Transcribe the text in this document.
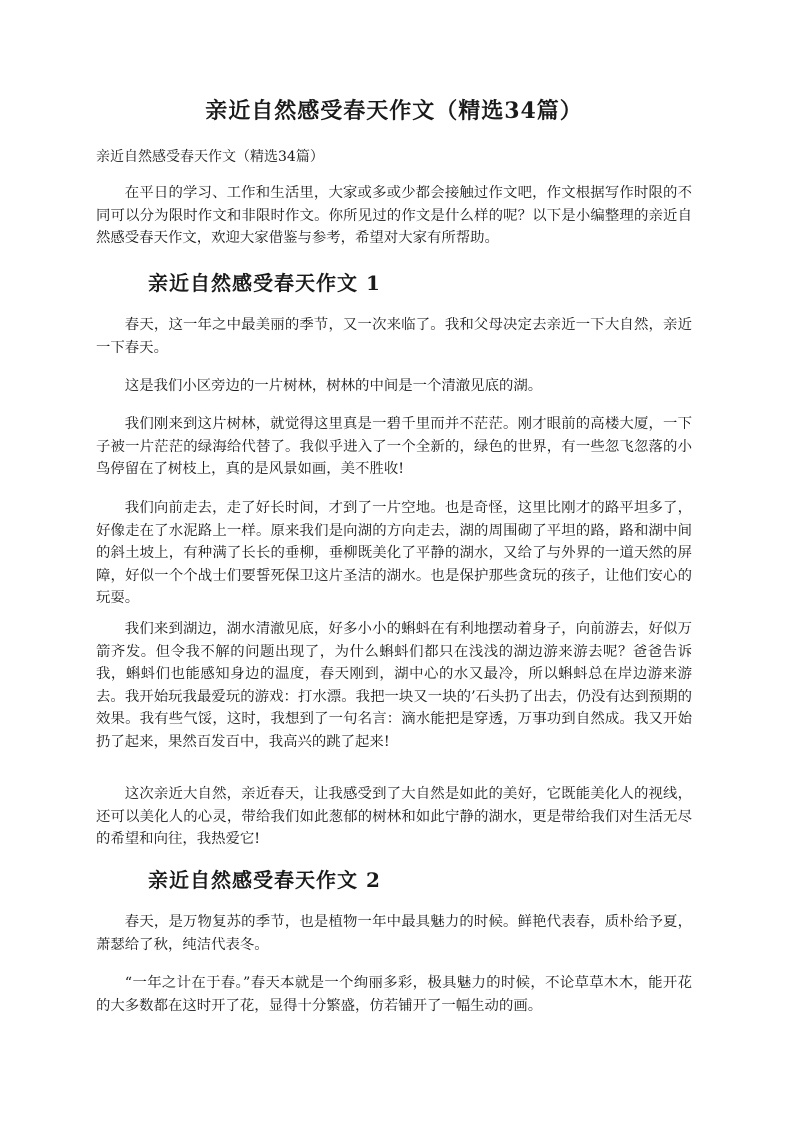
亲近自然感受春天作文（精选34篇）

亲近自然感受春天作文（精选34篇）

在平日的学习、工作和生活里，大家或多或少都会接触过作文吧，作文根据写作时限的不同可以分为限时作文和非限时作文。你所见过的作文是什么样的呢？以下是小编整理的亲近自然感受春天作文，欢迎大家借鉴与参考，希望对大家有所帮助。

亲近自然感受春天作文 1

春天，这一年之中最美丽的季节，又一次来临了。我和父母决定去亲近一下大自然，亲近一下春天。

这是我们小区旁边的一片树林，树林的中间是一个清澈见底的湖。

我们刚来到这片树林，就觉得这里真是一碧千里而并不茫茫。刚才眼前的高楼大厦，一下子被一片茫茫的绿海给代替了。我似乎进入了一个全新的，绿色的世界，有一些忽飞忽落的小鸟停留在了树枝上，真的是风景如画，美不胜收!

我们向前走去，走了好长时间，才到了一片空地。也是奇怪，这里比刚才的路平坦多了，好像走在了水泥路上一样。原来我们是向湖的方向走去，湖的周围砌了平坦的路，路和湖中间的斜土坡上，有种满了长长的垂柳，垂柳既美化了平静的湖水，又给了与外界的一道天然的屏障，好似一个个战士们要誓死保卫这片圣洁的湖水。也是保护那些贪玩的孩子，让他们安心的玩耍。

我们来到湖边，湖水清澈见底，好多小小的蝌蚪在有利地摆动着身子，向前游去，好似万箭齐发。但令我不解的问题出现了，为什么蝌蚪们都只在浅浅的湖边游来游去呢？爸爸告诉我，蝌蚪们也能感知身边的温度，春天刚到，湖中心的水又最冷，所以蝌蚪总在岸边游来游去。我开始玩我最爱玩的游戏：打水漂。我把一块又一块的’石头扔了出去，仍没有达到预期的效果。我有些气馁，这时，我想到了一句名言：滴水能把是穿透，万事功到自然成。我又开始扔了起来，果然百发百中，我高兴的跳了起来!

这次亲近大自然，亲近春天，让我感受到了大自然是如此的美好，它既能美化人的视线，还可以美化人的心灵，带给我们如此葱郁的树林和如此宁静的湖水，更是带给我们对生活无尽的希望和向往，我热爱它!

亲近自然感受春天作文 2

春天，是万物复苏的季节，也是植物一年中最具魅力的时候。鲜艳代表春，质朴给予夏，萧瑟给了秋，纯洁代表冬。

“一年之计在于春。”春天本就是一个绚丽多彩，极具魅力的时候，不论草草木木，能开花的大多数都在这时开了花，显得十分繁盛，仿若铺开了一幅生动的画。
